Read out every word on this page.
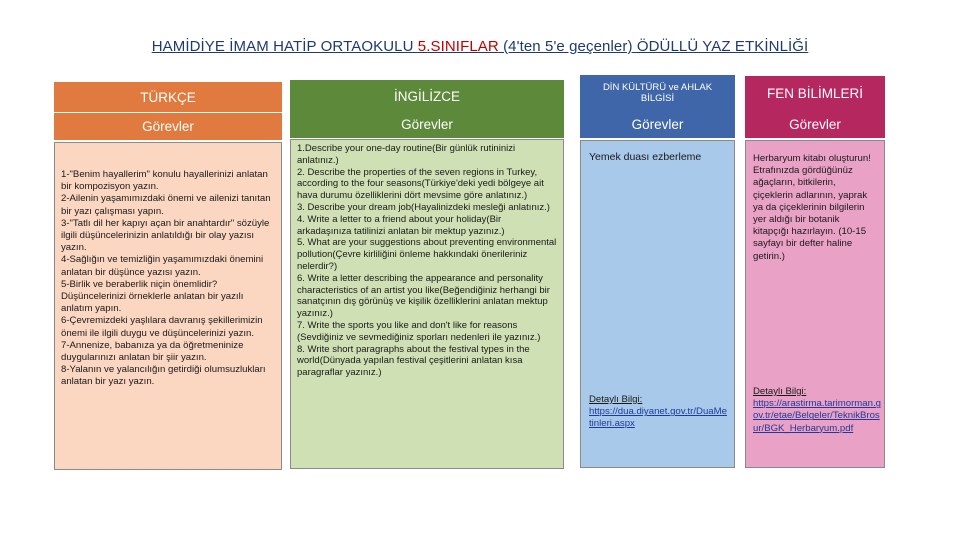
HAMİDİYE İMAM HATİP ORTAOKULU 5.SINIFLAR (4'ten 5'e geçenler) ÖDÜLLÜ YAZ ETKİNLİĞİ
TÜRKÇE
Görevler
1-"Benim hayallerim" konulu hayallerinizi anlatan bir kompozisyon yazın.
2-Ailenin yaşamımızdaki önemi ve ailenizi tanıtan bir yazı çalışması yapın.
3-"Tatlı dil her kapıyı açan bir anahtardır" sözüyle ilgili düşüncelerinizin anlatıldığı bir olay yazısı yazın.
4-Sağlığın ve temizliğin yaşamımızdaki önemini anlatan bir düşünce yazısı yazın.
5-Birlik ve beraberlik niçin önemlidir? Düşüncelerinizi örneklerle anlatan bir yazılı anlatım yapın.
6-Çevremizdeki yaşlılara davranış şekillerimizin önemi ile ilgili duygu ve düşüncelerinizi yazın.
7-Annenize, babanıza ya da öğretmeninize duygularınızı anlatan bir şiir yazın.
8-Yalanın ve yalancılığın getirdiği olumsuzlukları anlatan bir yazı yazın.
İNGİLİZCE
Görevler
1.Describe your one-day routine(Bir günlük rutininizi anlatınız.)
2. Describe the properties of the seven regions in Turkey, according to the four seasons(Türkiye'deki yedi bölgeye ait hava durumu özelliklerini dört mevsime göre anlatınız.)
3. Describe your dream job(Hayalinizdeki mesleği anlatınız.)
4. Write a letter to a friend about your holiday(Bir arkadaşınıza tatilinizi anlatan bir mektup yazınız.)
5. What are your suggestions about preventing environmental pollution(Çevre kirliliğini önleme hakkındaki önerileriniz nelerdir?)
6. Write a letter describing the appearance and personality characteristics of an artist you like(Beğendiğiniz herhangi bir sanatçının dış görünüş ve kişilik özelliklerini anlatan mektup yazınız.)
7. Write the sports you like and don't like for reasons (Sevdiğiniz ve sevmediğiniz sporları nedenleri ile yazınız.)
8. Write short paragraphs about the festival types in the world(Dünyada yapılan festival çeşitlerini anlatan kısa paragraflar yazınız.)
DİN KÜLTÜRÜ ve AHLAK BİLGİSİ
Görevler
Yemek duası ezberleme
Detaylı Bilgi:
https://dua.diyanet.gov.tr/DuaMetinleri.aspx
FEN BİLİMLERİ
Görevler
Herbaryum kitabı oluşturun! Etrafınızda gördüğünüz ağaçların, bitkilerin, çiçeklerin adlarının, yaprak ya da çiçeklerinin bilgilerin yer aldığı bir botanik kitapçığı hazırlayın. (10-15 sayfayı bir defter haline getirin.)
Detaylı Bilgi:
https://arastirma.tarimorman.gov.tr/etae/Belgeler/TeknikBrosur/BGK_Herbaryum.pdf
